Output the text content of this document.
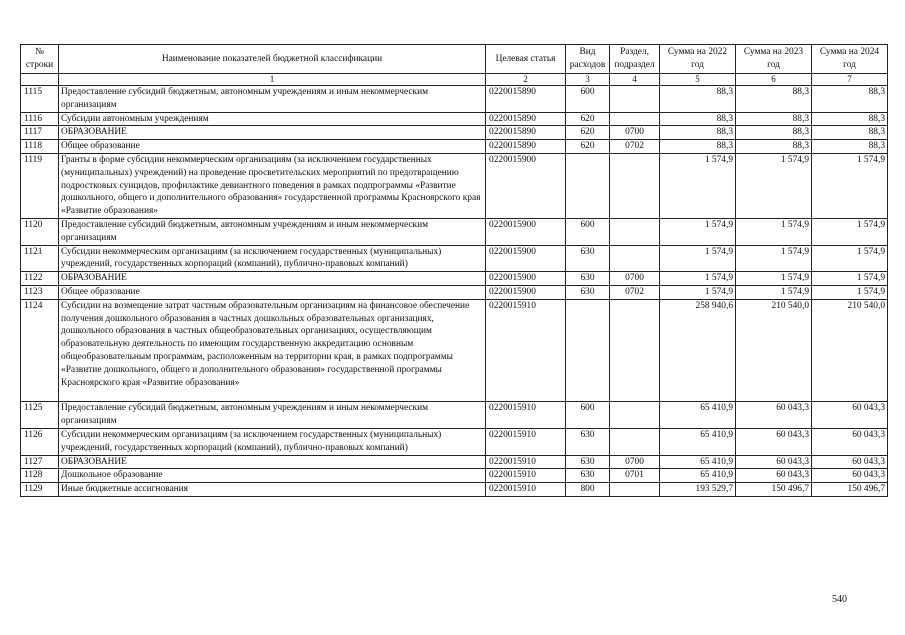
№ строки	Наименование показателей бюджетной классификации	Целевая статья	Вид расходов	Раздел, подраздел	Сумма на 2022 год	Сумма на 2023 год	Сумма на 2024 год
	1	2	3	4	5	6	7
1115	Предоставление субсидий бюджетным, автономным учреждениям и иным некоммерческим организациям	0220015890	600		88,3	88,3	88,3
1116	Субсидии автономным учреждениям	0220015890	620		88,3	88,3	88,3
1117	ОБРАЗОВАНИЕ	0220015890	620	0700	88,3	88,3	88,3
1118	Общее образование	0220015890	620	0702	88,3	88,3	88,3
1119	Гранты в форме субсидии некоммерческим организациям (за исключением государственных (муниципальных) учреждений) на проведение просветительских мероприятий по предотвращению подростковых суицидов, профилактике девиантного поведения в рамках подпрограммы «Развитие дошкольного, общего и дополнительного образования» государственной программы Красноярского края «Развитие образования»	0220015900			1 574,9	1 574,9	1 574,9
1120	Предоставление субсидий бюджетным, автономным учреждениям и иным некоммерческим организациям	0220015900	600		1 574,9	1 574,9	1 574,9
1121	Субсидии некоммерческим организациям (за исключением государственных (муниципальных) учреждений, государственных корпораций (компаний), публично-правовых компаний)	0220015900	630		1 574,9	1 574,9	1 574,9
1122	ОБРАЗОВАНИЕ	0220015900	630	0700	1 574,9	1 574,9	1 574,9
1123	Общее образование	0220015900	630	0702	1 574,9	1 574,9	1 574,9
1124	Субсидии на возмещение затрат частным образовательным организациям на финансовое обеспечение получения дошкольного образования в частных дошкольных образовательных организациях, дошкольного образования в частных общеобразовательных организациях, осуществляющим образовательную деятельность по имеющим государственную аккредитацию основным общеобразовательным программам, расположенным на территории края, в рамках подпрограммы «Развитие дошкольного, общего и дополнительного образования» государственной программы Красноярского края «Развитие образования»	0220015910			258 940,6	210 540,0	210 540,0
1125	Предоставление субсидий бюджетным, автономным учреждениям и иным некоммерческим организациям	0220015910	600		65 410,9	60 043,3	60 043,3
1126	Субсидии некоммерческим организациям (за исключением государственных (муниципальных) учреждений, государственных корпораций (компаний), публично-правовых компаний)	0220015910	630		65 410,9	60 043,3	60 043,3
1127	ОБРАЗОВАНИЕ	0220015910	630	0700	65 410,9	60 043,3	60 043,3
1128	Дошкольное образование	0220015910	630	0701	65 410,9	60 043,3	60 043,3
1129	Иные бюджетные ассигнования	0220015910	800		193 529,7	150 496,7	150 496,7
540
